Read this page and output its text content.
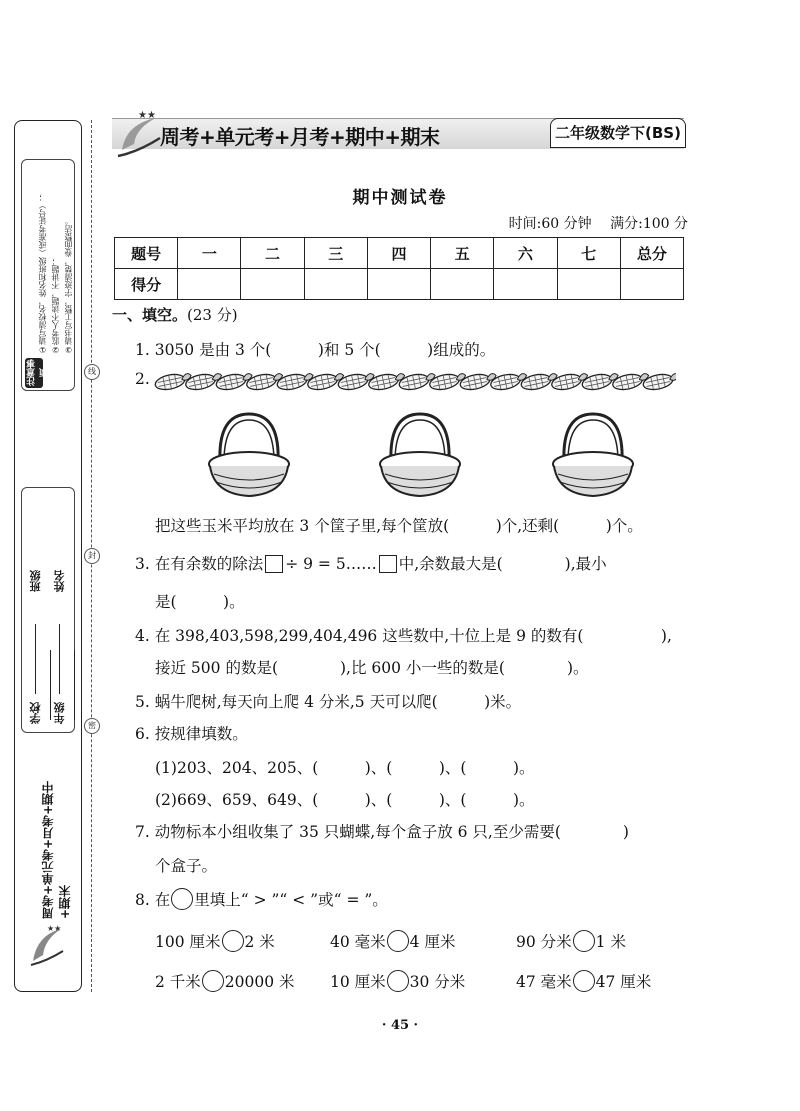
①请写清校名，姓名和班级（或准考证号）； ②监考人不读题，不讲题； ③请书写工整，字迹清楚，卷面整洁。
注意事项
学校  班级
年级  姓名
周考+单元考+月考+期中+期末
★★
线
封
密
★★
周考+单元考+月考+期中+期末	二年级数学下(BS)
期中测试卷
时间:60 分钟 满分:100 分
题号	一	二	三	四	五	六	七	总分
得分								
一、填空。(23 分)
1. 3050 是由 3 个(　　　)和 5 个(　　　)组成的。
2.
把这些玉米平均放在 3 个筐子里,每个筐放(　　　)个,还剩(　　　)个。
3. 在有余数的除法 ÷ 9 = 5…… 中,余数最大是(　　　　),最小
是(　　　)。
4. 在 398,403,598,299,404,496 这些数中,十位上是 9 的数有(　　　　　),
接近 500 的数是(　　　　),比 600 小一些的数是(　　　　)。
5. 蜗牛爬树,每天向上爬 4 分米,5 天可以爬(　　　)米。
6. 按规律填数。
(1)203、204、205、(　　　)、(　　　)、(　　　)。
(2)669、659、649、(　　　)、(　　　)、(　　　)。
7. 动物标本小组收集了 35 只蝴蝶,每个盒子放 6 只,至少需要(　　　　)
个盒子。
8. 在 里填上“ > ”“ < ”或“ = ”。
100 厘米 2 米	40 毫米 4 厘米	90 分米 1 米
2 千米 20000 米 10 厘米 30 分米	47 毫米 47 厘米
· 45 ·
